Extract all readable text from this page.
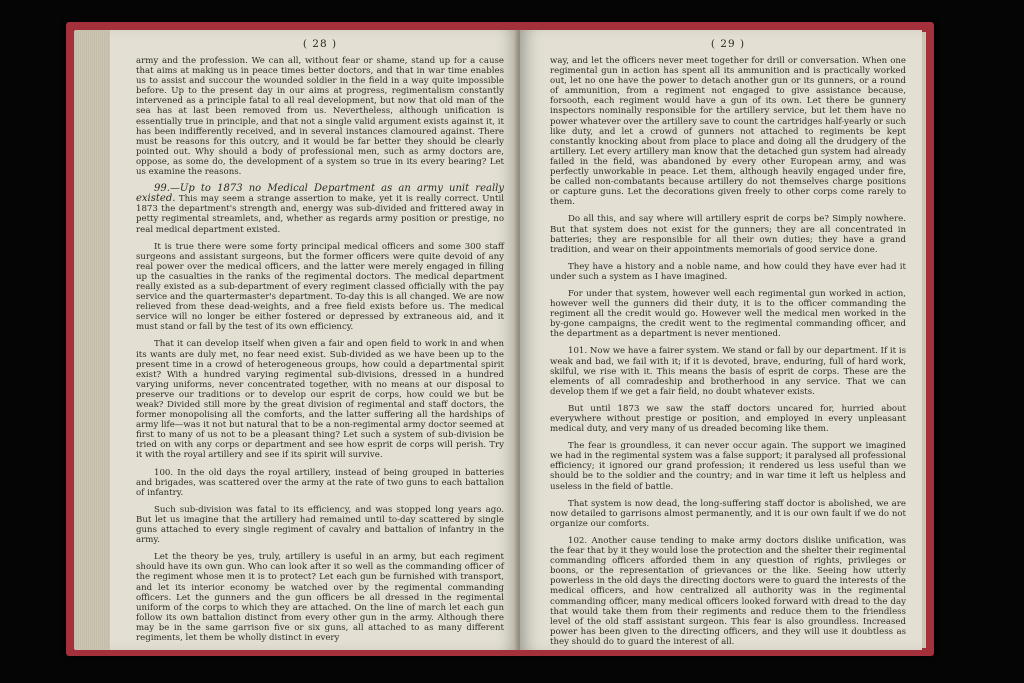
( 28 )

army and the profession. We can all, without fear or shame, stand up for a cause that aims at making us in peace times better doctors, and that in war time enables us to assist and succour the wounded soldier in the field in a way quite impossible before. Up to the present day in our aims at progress, regimentalism constantly intervened as a principle fatal to all real development, but now that old man of the sea has at last been removed from us. Nevertheless, although unification is essentially true in principle, and that not a single valid argument exists against it, it has been indifferently received, and in several instances clamoured against. There must be reasons for this outcry, and it would be far better they should be clearly pointed out. Why should a body of professional men, such as army doctors are, oppose, as some do, the development of a system so true in its every bearing? Let us examine the reasons.

99.—Up to 1873 no Medical Department as an army unit really existed. This may seem a strange assertion to make, yet it is really correct. Until 1873 the department's strength and, energy was sub-divided and frittered away in petty regimental streamlets, and, whether as regards army position or prestige, no real medical department existed.

It is true there were some forty principal medical officers and some 300 staff surgeons and assistant surgeons, but the former officers were quite devoid of any real power over the medical officers, and the latter were merely engaged in filling up the casualties in the ranks of the regimental doctors. The medical department really existed as a sub-department of every regiment classed officially with the pay service and the quartermaster's department. To-day this is all changed. We are now relieved from these dead-weights, and a free field exists before us. The medical service will no longer be either fostered or depressed by extraneous aid, and it must stand or fall by the test of its own efficiency.

That it can develop itself when given a fair and open field to work in and when its wants are duly met, no fear need exist. Sub-divided as we have been up to the present time in a crowd of heterogeneous groups, how could a departmental spirit exist? With a hundred varying regimental sub-divisions, dressed in a hundred varying uniforms, never concentrated together, with no means at our disposal to preserve our traditions or to develop our esprit de corps, how could we but be weak? Divided still more by the great division of regimental and staff doctors, the former monopolising all the comforts, and the latter suffering all the hardships of army life—was it not but natural that to be a non-regimental army doctor seemed at first to many of us not to be a pleasant thing? Let such a system of sub-division be tried on with any corps or department and see how esprit de corps will perish. Try it with the royal artillery and see if its spirit will survive.

100. In the old days the royal artillery, instead of being grouped in batteries and brigades, was scattered over the army at the rate of two guns to each battalion of infantry.

Such sub-division was fatal to its efficiency, and was stopped long years ago. But let us imagine that the artillery had remained until to-day scattered by single guns attached to every single regiment of cavalry and battalion of infantry in the army.

Let the theory be yes, truly, artillery is useful in an army, but each regiment should have its own gun. Who can look after it so well as the commanding officer of the regiment whose men it is to protect? Let each gun be furnished with transport, and let its interior economy be watched over by the regimental commanding officers. Let the gunners and the gun officers be all dressed in the regimental uniform of the corps to which they are attached. On the line of march let each gun follow its own battalion distinct from every other gun in the army. Although there may be in the same garrison five or six guns, all attached to as many different regiments, let them be wholly distinct in every

( 29 )

way, and let the officers never meet together for drill or conversation. When one regimental gun in action has spent all its ammunition and is practically worked out, let no one have the power to detach another gun or its gunners, or a round of ammunition, from a regiment not engaged to give assistance because, forsooth, each regiment would have a gun of its own. Let there be gunnery inspectors nominally responsible for the artillery service, but let them have no power whatever over the artillery save to count the cartridges half-yearly or such like duty, and let a crowd of gunners not attached to regiments be kept constantly knocking about from place to place and doing all the drudgery of the artillery. Let every artillery man know that the detached gun system had already failed in the field, was abandoned by every other European army, and was perfectly unworkable in peace. Let them, although heavily engaged under fire, be called non-combatants because artillery do not themselves charge positions or capture guns. Let the decorations given freely to other corps come rarely to them.

Do all this, and say where will artillery esprit de corps be? Simply nowhere. But that system does not exist for the gunners; they are all concentrated in batteries; they are responsible for all their own duties; they have a grand tradition, and wear on their appointments memorials of good service done.

They have a history and a noble name, and how could they have ever had it under such a system as I have imagined.

For under that system, however well each regimental gun worked in action, however well the gunners did their duty, it is to the officer commanding the regiment all the credit would go. However well the medical men worked in the by-gone campaigns, the credit went to the regimental commanding officer, and the department as a department is never mentioned.

101. Now we have a fairer system. We stand or fall by our department. If it is weak and bad, we fail with it; if it is devoted, brave, enduring, full of hard work, skilful, we rise with it. This means the basis of esprit de corps. These are the elements of all comradeship and brotherhood in any service. That we can develop them if we get a fair field, no doubt whatever exists.

But until 1873 we saw the staff doctors uncared for, hurried about everywhere without prestige or position, and employed in every unpleasant medical duty, and very many of us dreaded becoming like them.

The fear is groundless, it can never occur again. The support we imagined we had in the regimental system was a false support; it paralysed all professional efficiency; it ignored our grand profession; it rendered us less useful than we should be to the soldier and the country; and in war time it left us helpless and useless in the field of battle.

That system is now dead, the long-suffering staff doctor is abolished, we are now detailed to garrisons almost permanently, and it is our own fault if we do not organize our comforts.

102. Another cause tending to make army doctors dislike unification, was the fear that by it they would lose the protection and the shelter their regimental commanding officers afforded them in any question of rights, privileges or boons, or the representation of grievances or the like. Seeing how utterly powerless in the old days the directing doctors were to guard the interests of the medical officers, and how centralized all authority was in the regimental commanding officer, many medical officers looked forward with dread to the day that would take them from their regiments and reduce them to the friendless level of the old staff assistant surgeon. This fear is also groundless. Increased power has been given to the directing officers, and they will use it doubtless as they should do to guard the interest of all.
